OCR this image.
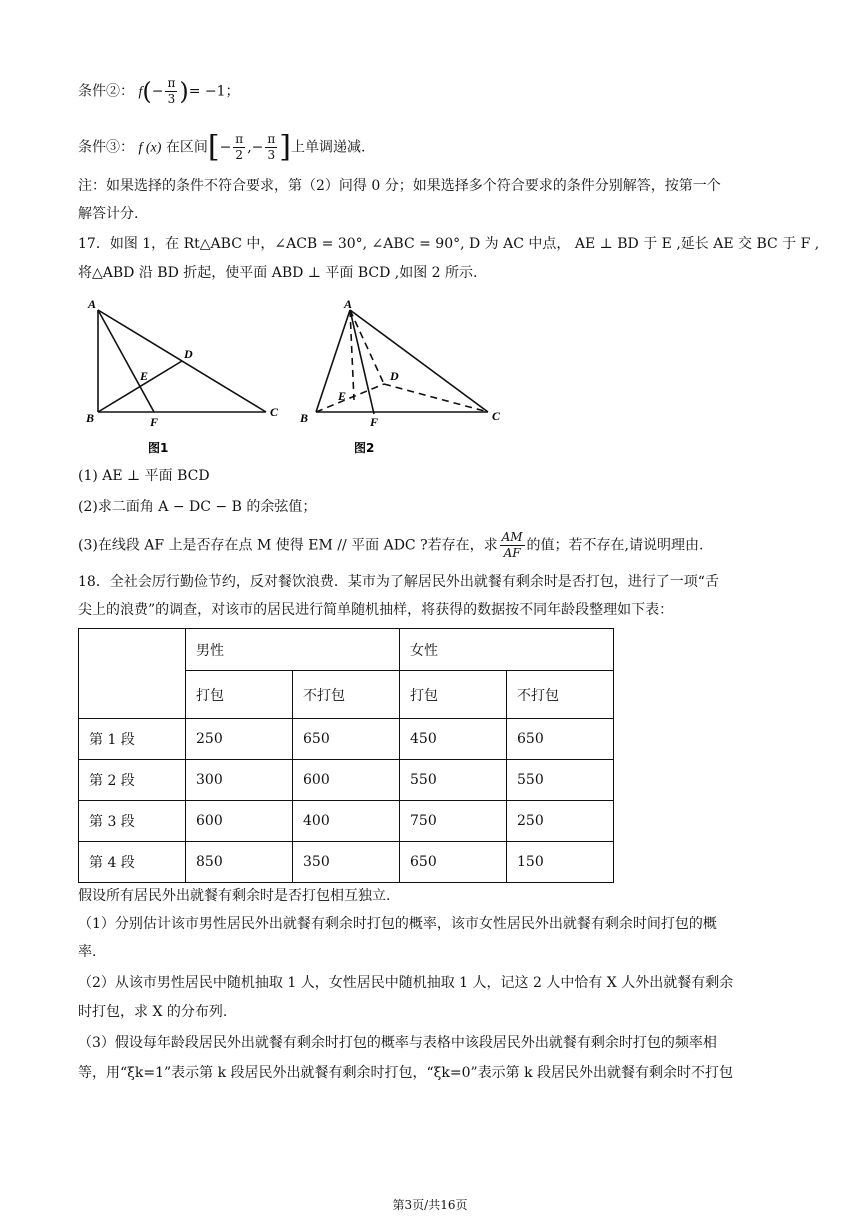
条件②： $f(- \frac{\pi}{3}$ )= −1；
条件③： f (x) 在区间[− $\frac{\pi}{2}$ ,− $\frac{\pi}{3}$ ]上单调递减.
注：如果选择的条件不符合要求，第（2）问得 0 分；如果选择多个符合要求的条件分别解答，按第一个
解答计分.
17．如图 1，在 Rt△ABC 中，∠ACB = 30°, ∠ABC = 90°, D 为 AC 中点， AE ⊥ BD 于 E ,延长 AE 交 BC 于 F ,
将△ABD 沿 BD 折起，使平面 ABD ⊥ 平面 BCD ,如图 2 所示.
A
B	C
D
E
F
图1
A
B	C
D
E
F
图2
(1) AE ⊥ 平面 BCD
(2)求二面角 A − DC − B 的余弦值；
(3)在线段 AF 上是否存在点 M 使得 EM // 平面 ADC ?若存在，求 $\frac{AM}{AF}$ 的值；若不存在,请说明理由.
18．全社会厉行勤俭节约，反对餐饮浪费．某市为了解居民外出就餐有剩余时是否打包，进行了一项“舌
尖上的浪费”的调查，对该市的居民进行简单随机抽样，将获得的数据按不同年龄段整理如下表：
	男性		女性	
	打包	不打包	打包	不打包
第 1 段	250	650	450	650
第 2 段	300	600	550	550
第 3 段	600	400	750	250
第 4 段	850	350	650	150
假设所有居民外出就餐有剩余时是否打包相互独立.
（1）分别估计该市男性居民外出就餐有剩余时打包的概率，该市女性居民外出就餐有剩余时间打包的概
率.
（2）从该市男性居民中随机抽取 1 人，女性居民中随机抽取 1 人，记这 2 人中恰有 X 人外出就餐有剩余
时打包，求 X 的分布列.
（3）假设每年龄段居民外出就餐有剩余时打包的概率与表格中该段居民外出就餐有剩余时打包的频率相
等，用“ξk=1”表示第 k 段居民外出就餐有剩余时打包，“ξk=0”表示第 k 段居民外出就餐有剩余时不打包
第3页/共16页
